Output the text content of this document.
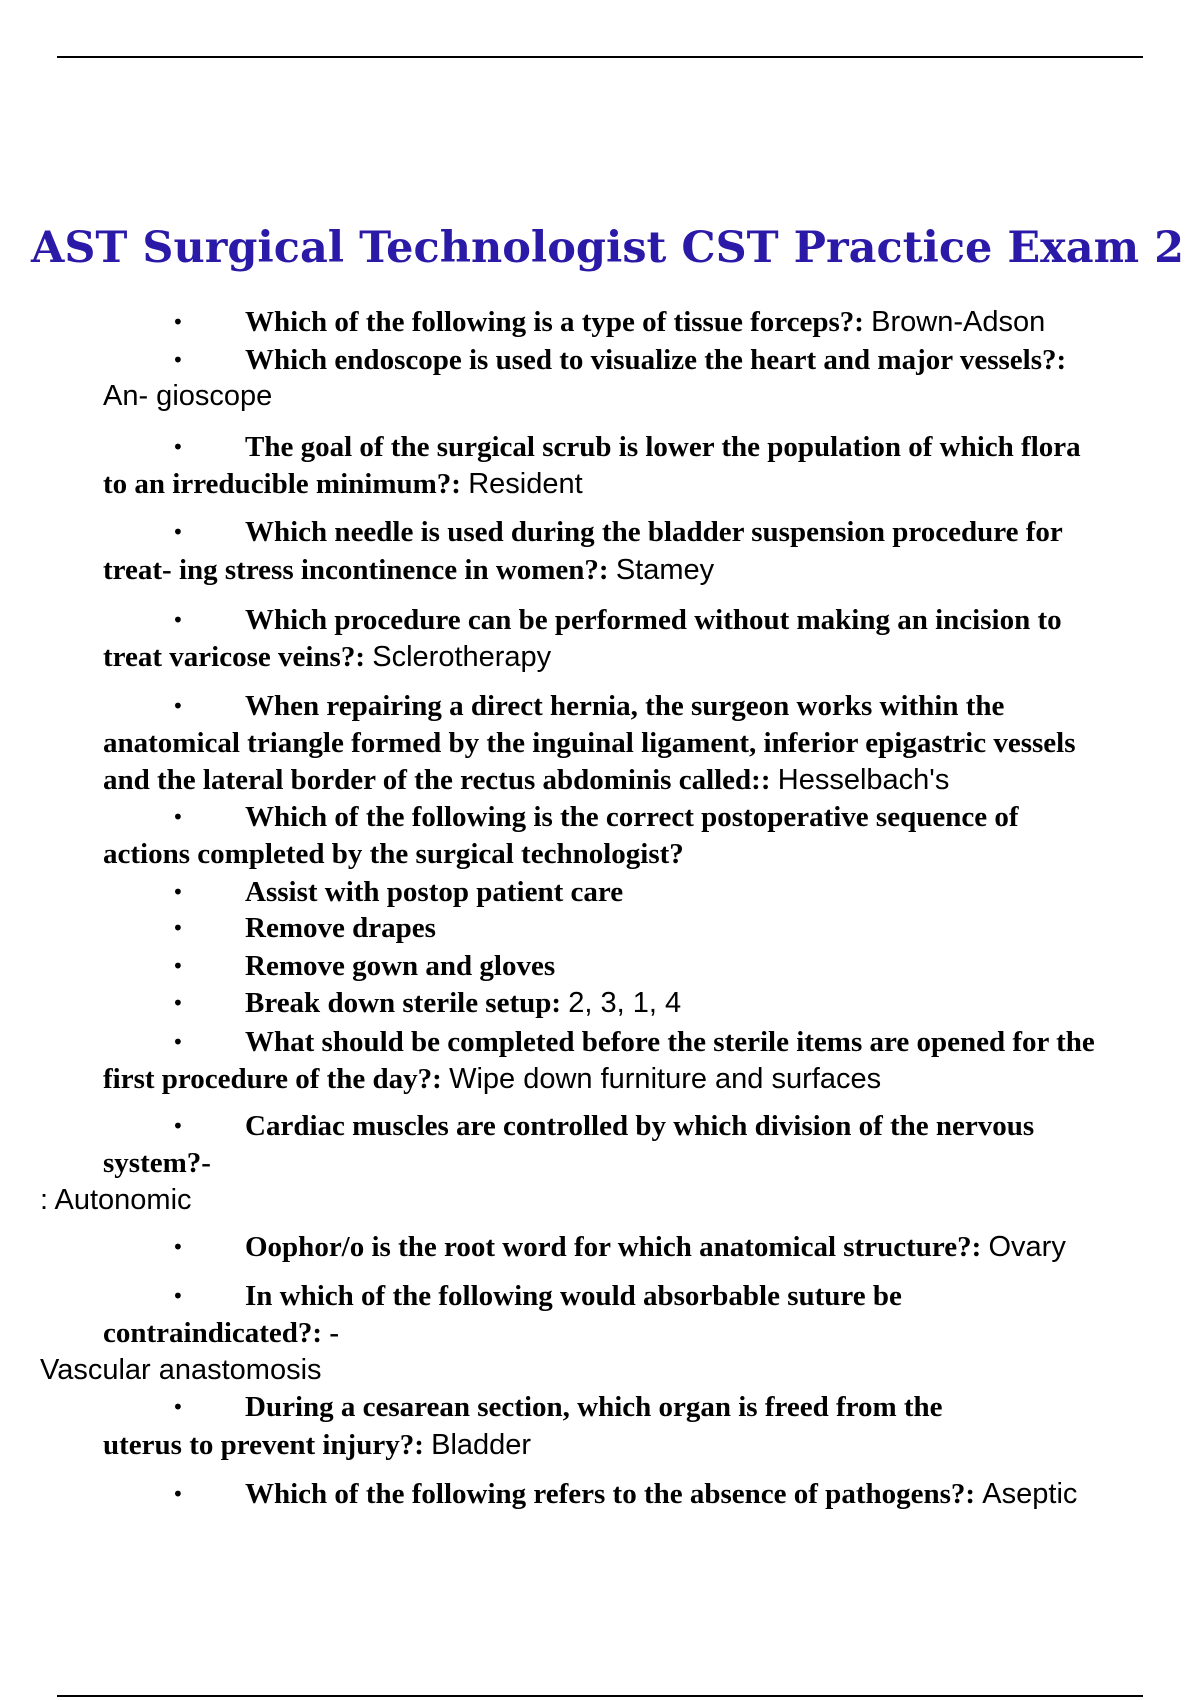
AST Surgical Technologist CST Practice Exam 2
• Which of the following is a type of tissue forceps?: Brown-Adson
• Which endoscope is used to visualize the heart and major vessels?:
An- gioscope
• The goal of the surgical scrub is lower the population of which flora
to an irreducible minimum?: Resident
• Which needle is used during the bladder suspension procedure for
treat- ing stress incontinence in women?: Stamey
• Which procedure can be performed without making an incision to
treat varicose veins?: Sclerotherapy
• When repairing a direct hernia, the surgeon works within the
anatomical triangle formed by the inguinal ligament, inferior epigastric vessels
and the lateral border of the rectus abdominis called:: Hesselbach's
• Which of the following is the correct postoperative sequence of
actions completed by the surgical technologist?
• Assist with postop patient care
• Remove drapes
• Remove gown and gloves
• Break down sterile setup: 2, 3, 1, 4
• What should be completed before the sterile items are opened for the
first procedure of the day?: Wipe down furniture and surfaces
• Cardiac muscles are controlled by which division of the nervous
system?-
: Autonomic
• Oophor/o is the root word for which anatomical structure?: Ovary
• In which of the following would absorbable suture be
contraindicated?: -
Vascular anastomosis
• During a cesarean section, which organ is freed from the
uterus to prevent injury?: Bladder
• Which of the following refers to the absence of pathogens?: Aseptic
